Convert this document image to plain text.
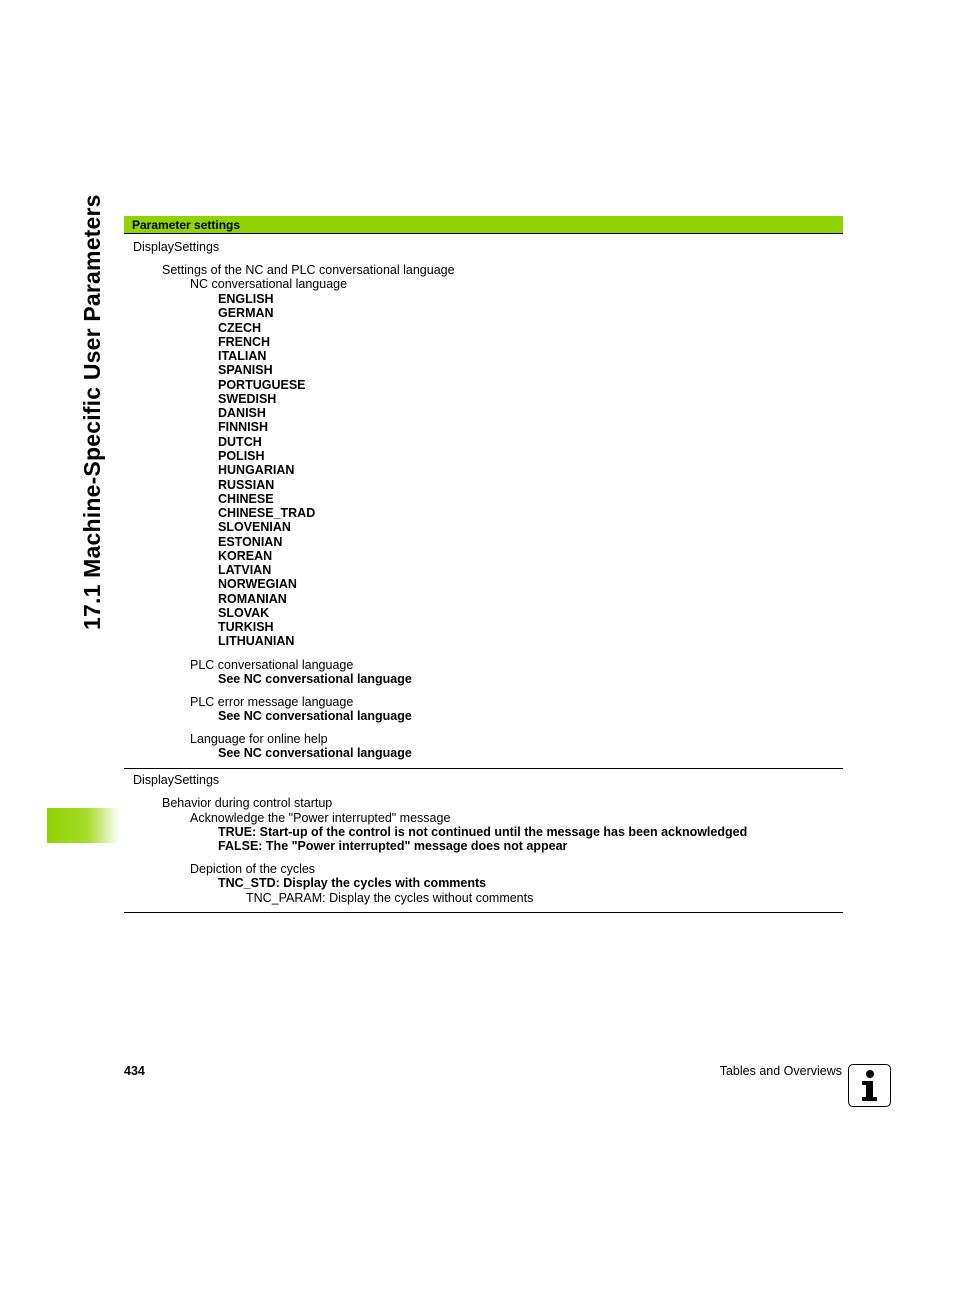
17.1 Machine-Specific User Parameters	Parameter settings
DisplaySettings
Settings of the NC and PLC conversational language
NC conversational language
ENGLISH
GERMAN
CZECH
FRENCH
ITALIAN
SPANISH
PORTUGUESE
SWEDISH
DANISH
FINNISH
DUTCH
POLISH
HUNGARIAN
RUSSIAN
CHINESE
CHINESE_TRAD
SLOVENIAN
ESTONIAN
KOREAN
LATVIAN
NORWEGIAN
ROMANIAN
SLOVAK
TURKISH
LITHUANIAN
PLC conversational language
See NC conversational language
PLC error message language
See NC conversational language
Language for online help
See NC conversational language
DisplaySettings
Behavior during control startup
Acknowledge the "Power interrupted" message
TRUE: Start-up of the control is not continued until the message has been acknowledged
FALSE: The "Power interrupted" message does not appear
Depiction of the cycles
TNC_STD: Display the cycles with comments
TNC_PARAM: Display the cycles without comments
434	Tables and Overviews
